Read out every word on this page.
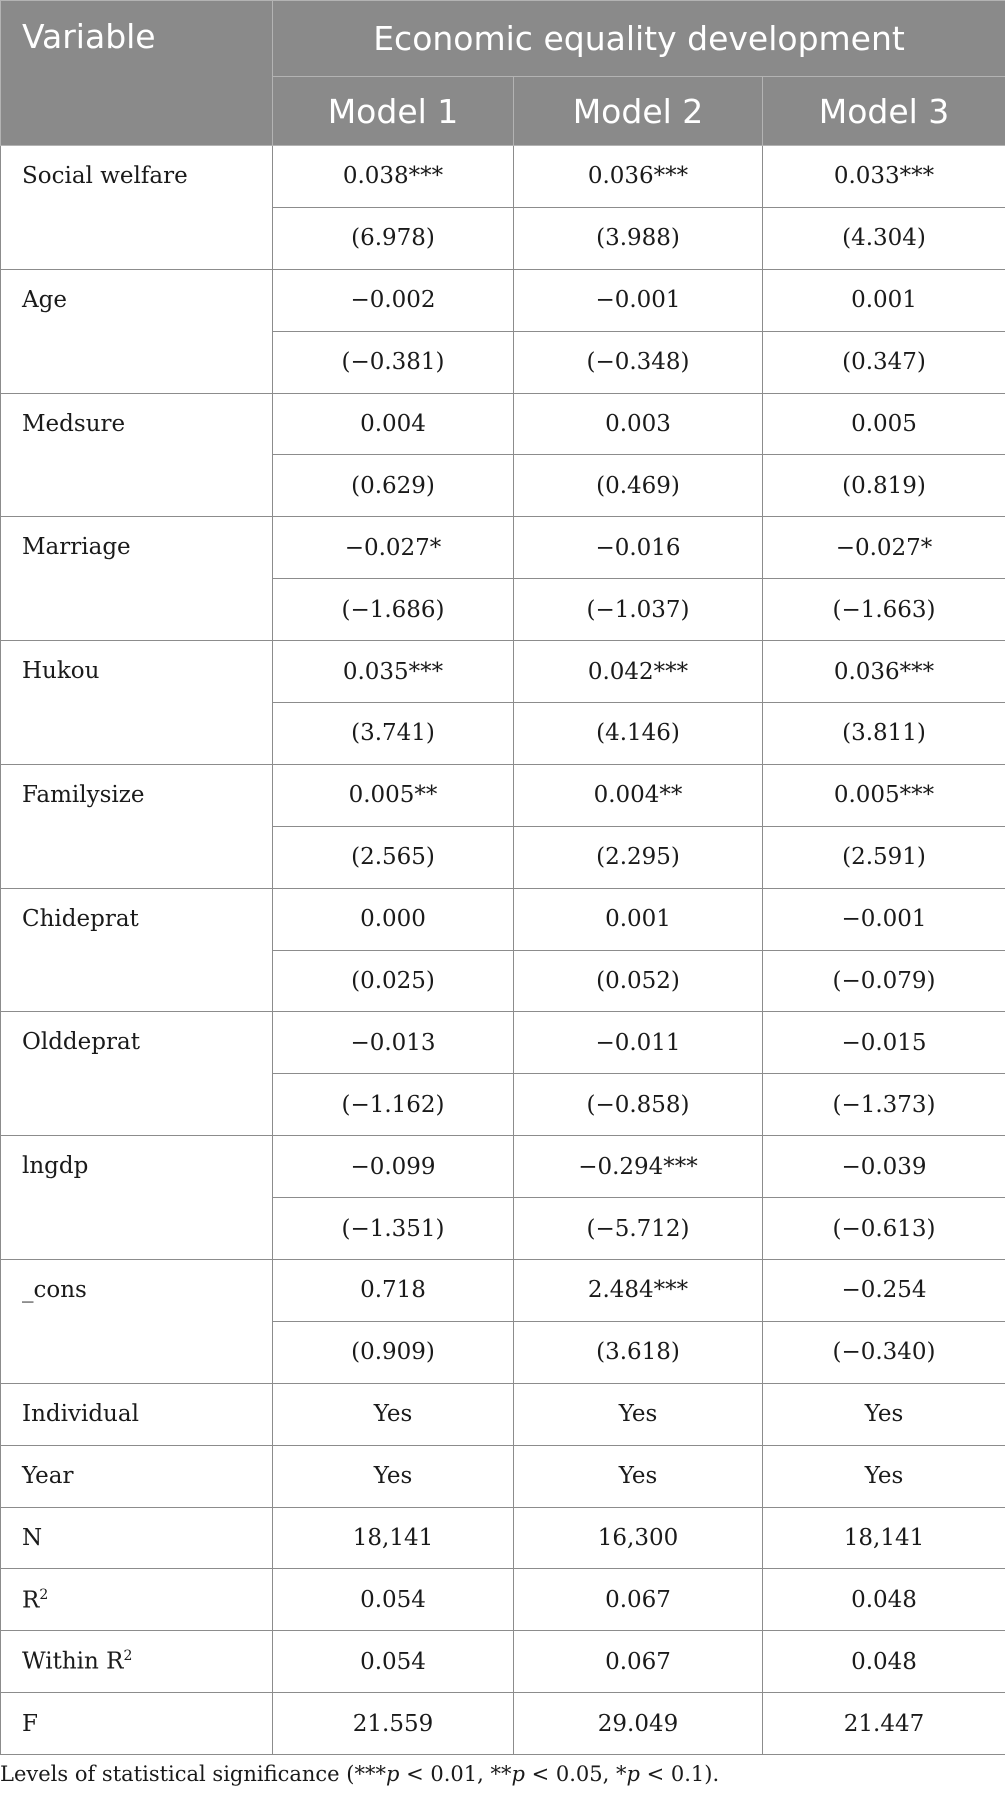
Variable	Economic equality development		
	Model 1	Model 2	Model 3
Social welfare	0.038***	0.036***	0.033***
	(6.978)	(3.988)	(4.304)
Age	−0.002	−0.001	0.001
	(−0.381)	(−0.348)	(0.347)
Medsure	0.004	0.003	0.005
	(0.629)	(0.469)	(0.819)
Marriage	−0.027*	−0.016	−0.027*
	(−1.686)	(−1.037)	(−1.663)
Hukou	0.035***	0.042***	0.036***
	(3.741)	(4.146)	(3.811)
Familysize	0.005**	0.004**	0.005***
	(2.565)	(2.295)	(2.591)
Chideprat	0.000	0.001	−0.001
	(0.025)	(0.052)	(−0.079)
Olddeprat	−0.013	−0.011	−0.015
	(−1.162)	(−0.858)	(−1.373)
lngdp	−0.099	−0.294***	−0.039
	(−1.351)	(−5.712)	(−0.613)
_cons	0.718	2.484***	−0.254
	(0.909)	(3.618)	(−0.340)
Individual	Yes	Yes	Yes
Year	Yes	Yes	Yes
N	18,141	16,300	18,141
$R^2$	0.054	0.067	0.048
Within $R^2$	0.054	0.067	0.048
F	21.559	29.049	21.447
Levels of statistical significance (***p < 0.01, **p < 0.05, *p < 0.1).
